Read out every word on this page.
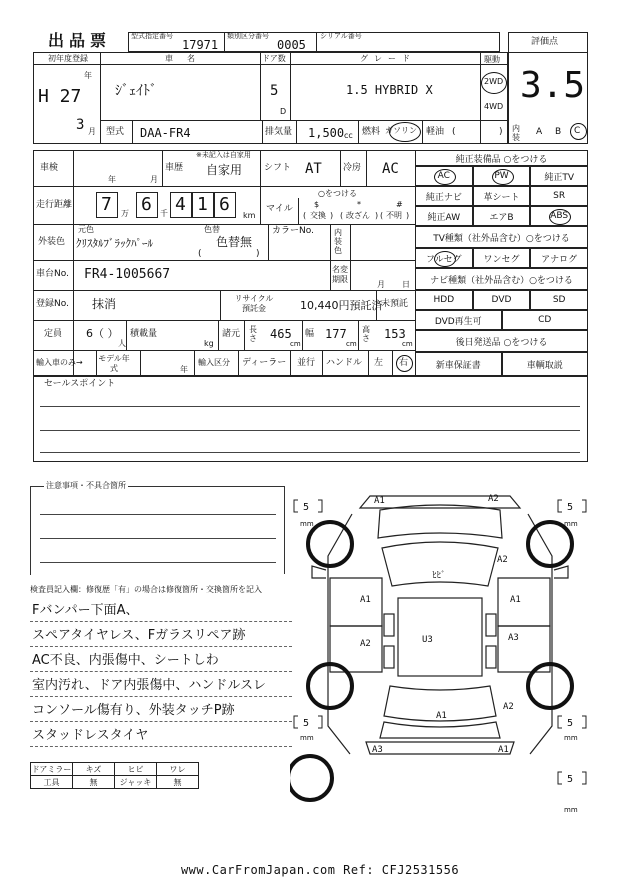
出品票	型式指定番号
17971
類別区分番号
0005
シリアル番号
評価点
3.5
初年度登録
年
H 27
3 月
車名
ｼﾞｪｲﾄﾞ
ドア数
5
D
グレード
1.5 HYBRID X
駆動
2WD
4WD
型式 DAA-FR4	排気量 1,500 cc 燃料 ガソリン 軽油 (	) 内装
A B C
車検
年	月
車歴
※未記入は自家用
自家用 シフト AT 冷房 AC
走行距離 7 万 6 千 4 1 6
km
マイル
○をつける
$	*	#
( 交換 ) ( 改ざん ) ( 不明 )
外装色
元色
ｸﾘｽﾀﾙﾌﾞﾗｯｸﾊﾟｰﾙ
色替
色替無
(	)
カラーNo.	内装色
車台No. FR4-1005667	名変期限
月 日
登録No. 抹消	リサイクル預託金	10,440円預託済
未預託
定員 6（ ）
人
積載量
kg
諸元 長さ 465
cm
幅 177
cm
高さ 153
cm
輸入車のみ→ モデル年式	年
輸入区分 ディーラー 並行 ハンドル 左 右
純正装備品 ○をつける
AC	PW	純正TV
純正ナビ	革シート	SR
純正AW	エアB	ABS
TV種類（社外品含む）○をつける
フルセグ	ワンセグ	アナログ
ナビ種類（社外品含む）○をつける
HDD	DVD	SD
DVD再生可	CD
後日発送品 ○をつける
新車保証書	車輌取説
セールスポイント
注意事項・不具合箇所
検査員記入欄：修復歴「有」の場合は修復箇所・交換箇所を記入
Fバンパー下面A、
スペアタイヤレス、Fガラスリペア跡
AC不良、内張傷中、シートしわ
室内汚れ、ドア内張傷中、ハンドルスレ
コンソール傷有り、外装タッチP跡
スタッドレスタイヤ
ドアミラー	キズ	ヒビ	ワレ
工具	無	ジャッキ	無
5	5
5	5
5
mm	mm
mm	mm
mm
A1	A2
ﾋﾋﾞ
A2
A1	A1
A2
A3
U3
A1
A2
A3	A1
www.CarFromJapan.com Ref: CFJ2531556
